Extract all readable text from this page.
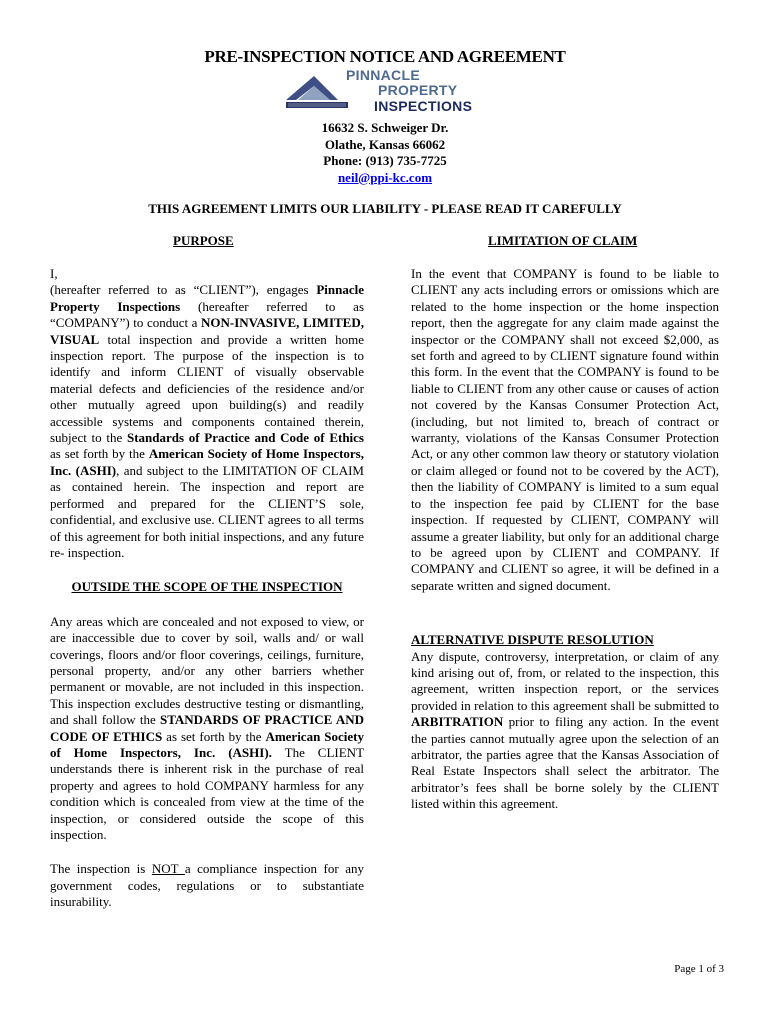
PRE-INSPECTION NOTICE AND AGREEMENT
PINNACLE
PROPERTY
INSPECTIONS
16632 S. Schweiger Dr.
Olathe, Kansas 66062
Phone: (913) 735-7725
neil@ppi-kc.com
THIS AGREEMENT LIMITS OUR LIABILITY - PLEASE READ IT CAREFULLY
PURPOSE	LIMITATION OF CLAIM

I,

(hereafter referred to as “CLIENT”), engages Pinnacle Property Inspections (hereafter referred to as “COMPANY”) to conduct a NON-INVASIVE, LIMITED, VISUAL total inspection and provide a written home inspection report. The purpose of the inspection is to identify and inform CLIENT of visually observable material defects and deficiencies of the residence and/or other mutually agreed upon building(s) and readily accessible systems and components contained therein, subject to the Standards of Practice and Code of Ethics as set forth by the American Society of Home Inspectors, Inc. (ASHI), and subject to the LIMITATION OF CLAIM as contained herein. The inspection and report are performed and prepared for the CLIENT’S sole, confidential, and exclusive use. CLIENT agrees to all terms of this agreement for both initial inspections, and any future re- inspection.

OUTSIDE THE SCOPE OF THE INSPECTION

Any areas which are concealed and not exposed to view, or are inaccessible due to cover by soil, walls and/ or wall coverings, floors and/or floor coverings, ceilings, furniture, personal property, and/or any other barriers whether permanent or movable, are not included in this inspection. This inspection excludes destructive testing or dismantling, and shall follow the STANDARDS OF PRACTICE AND CODE OF ETHICS as set forth by the American Society of Home Inspectors, Inc. (ASHI). The CLIENT understands there is inherent risk in the purchase of real property and agrees to hold COMPANY harmless for any condition which is concealed from view at the time of the inspection, or considered outside the scope of this inspection.

The inspection is NOT a compliance inspection for any government codes, regulations or to substantiate insurability.

In the event that COMPANY is found to be liable to CLIENT any acts including errors or omissions which are related to the home inspection or the home inspection report, then the aggregate for any claim made against the inspector or the COMPANY shall not exceed $2,000, as set forth and agreed to by CLIENT signature found within this form. In the event that the COMPANY is found to be liable to CLIENT from any other cause or causes of action not covered by the Kansas Consumer Protection Act, (including, but not limited to, breach of contract or warranty, violations of the Kansas Consumer Protection Act, or any other common law theory or statutory violation or claim alleged or found not to be covered by the ACT), then the liability of COMPANY is limited to a sum equal to the inspection fee paid by CLIENT for the base inspection. If requested by CLIENT, COMPANY will assume a greater liability, but only for an additional charge to be agreed upon by CLIENT and COMPANY. If COMPANY and CLIENT so agree, it will be defined in a separate written and signed document.

ALTERNATIVE DISPUTE RESOLUTION

Any dispute, controversy, interpretation, or claim of any kind arising out of, from, or related to the inspection, this agreement, written inspection report, or the services provided in relation to this agreement shall be submitted to ARBITRATION prior to filing any action. In the event the parties cannot mutually agree upon the selection of an arbitrator, the parties agree that the Kansas Association of Real Estate Inspectors shall select the arbitrator. The arbitrator’s fees shall be borne solely by the CLIENT listed within this agreement.

Page 1 of 3
